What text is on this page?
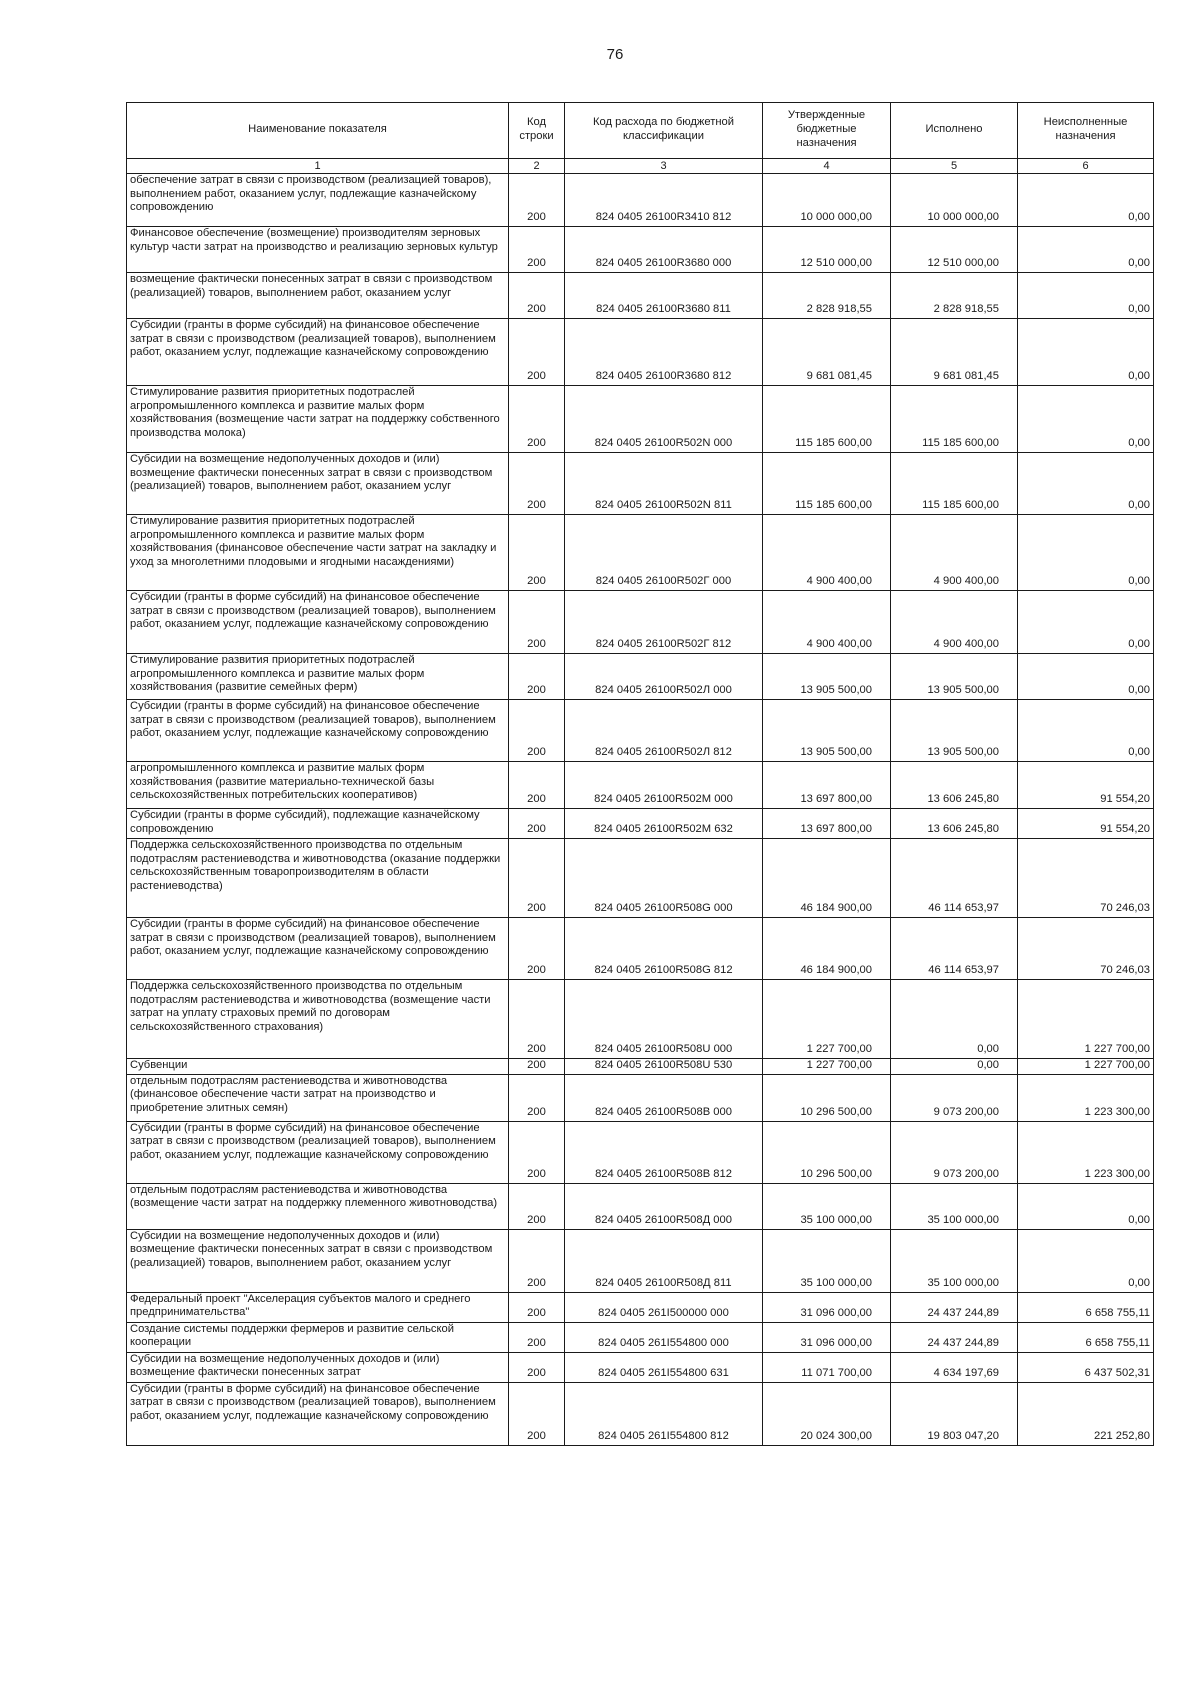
76
Наименование показателя	Код строки	Код расхода по бюджетной классификации	Утвержденные бюджетные назначения	Исполнено	Неисполненные назначения
1	2	3	4	5	6
обеспечение затрат в связи с производством (реализацией товаров), выполнением работ, оказанием услуг, подлежащие казначейскому сопровождению	200	824 0405 26100R3410 812	10 000 000,00	10 000 000,00	0,00
Финансовое обеспечение (возмещение) производителям зерновых культур части затрат на производство и реализацию зерновых культур	200	824 0405 26100R3680 000	12 510 000,00	12 510 000,00	0,00
возмещение фактически понесенных затрат в связи с производством (реализацией) товаров, выполнением работ, оказанием услуг	200	824 0405 26100R3680 811	2 828 918,55	2 828 918,55	0,00
Субсидии (гранты в форме субсидий) на финансовое обеспечение затрат в связи с производством (реализацией товаров), выполнением работ, оказанием услуг, подлежащие казначейскому сопровождению	200	824 0405 26100R3680 812	9 681 081,45	9 681 081,45	0,00
Стимулирование развития приоритетных подотраслей агропромышленного комплекса и развитие малых форм хозяйствования (возмещение части затрат на поддержку собственного производства молока)	200	824 0405 26100R502N 000	115 185 600,00	115 185 600,00	0,00
Субсидии на возмещение недополученных доходов и (или) возмещение фактически понесенных затрат в связи с производством (реализацией) товаров, выполнением работ, оказанием услуг	200	824 0405 26100R502N 811	115 185 600,00	115 185 600,00	0,00
Стимулирование развития приоритетных подотраслей агропромышленного комплекса и развитие малых форм хозяйствования (финансовое обеспечение части затрат на закладку и уход за многолетними плодовыми и ягодными насаждениями)	200	824 0405 26100R502Г 000	4 900 400,00	4 900 400,00	0,00
Субсидии (гранты в форме субсидий) на финансовое обеспечение затрат в связи с производством (реализацией товаров), выполнением работ, оказанием услуг, подлежащие казначейскому сопровождению	200	824 0405 26100R502Г 812	4 900 400,00	4 900 400,00	0,00
Стимулирование развития приоритетных подотраслей агропромышленного комплекса и развитие малых форм хозяйствования (развитие семейных ферм)	200	824 0405 26100R502Л 000	13 905 500,00	13 905 500,00	0,00
Субсидии (гранты в форме субсидий) на финансовое обеспечение затрат в связи с производством (реализацией товаров), выполнением работ, оказанием услуг, подлежащие казначейскому сопровождению	200	824 0405 26100R502Л 812	13 905 500,00	13 905 500,00	0,00
агропромышленного комплекса и развитие малых форм хозяйствования (развитие материально-технической базы сельскохозяйственных потребительских кооперативов)	200	824 0405 26100R502M 000	13 697 800,00	13 606 245,80	91 554,20
Субсидии (гранты в форме субсидий), подлежащие казначейскому сопровождению	200	824 0405 26100R502M 632	13 697 800,00	13 606 245,80	91 554,20
Поддержка сельскохозяйственного производства по отдельным подотраслям растениеводства и животноводства (оказание поддержки сельскохозяйственным товаропроизводителям в области растениеводства)	200	824 0405 26100R508G 000	46 184 900,00	46 114 653,97	70 246,03
Субсидии (гранты в форме субсидий) на финансовое обеспечение затрат в связи с производством (реализацией товаров), выполнением работ, оказанием услуг, подлежащие казначейскому сопровождению	200	824 0405 26100R508G 812	46 184 900,00	46 114 653,97	70 246,03
Поддержка сельскохозяйственного производства по отдельным подотраслям растениеводства и животноводства (возмещение части затрат на уплату страховых премий по договорам сельскохозяйственного страхования)	200	824 0405 26100R508U 000	1 227 700,00	0,00	1 227 700,00
Субвенции	200	824 0405 26100R508U 530	1 227 700,00	0,00	1 227 700,00
отдельным подотраслям растениеводства и животноводства (финансовое обеспечение части затрат на производство и приобретение элитных семян)	200	824 0405 26100R508B 000	10 296 500,00	9 073 200,00	1 223 300,00
Субсидии (гранты в форме субсидий) на финансовое обеспечение затрат в связи с производством (реализацией товаров), выполнением работ, оказанием услуг, подлежащие казначейскому сопровождению	200	824 0405 26100R508B 812	10 296 500,00	9 073 200,00	1 223 300,00
отдельным подотраслям растениеводства и животноводства (возмещение части затрат на поддержку племенного животноводства)	200	824 0405 26100R508Д 000	35 100 000,00	35 100 000,00	0,00
Субсидии на возмещение недополученных доходов и (или) возмещение фактически понесенных затрат в связи с производством (реализацией) товаров, выполнением работ, оказанием услуг	200	824 0405 26100R508Д 811	35 100 000,00	35 100 000,00	0,00
Федеральный проект "Акселерация субъектов малого и среднего предпринимательства"	200	824 0405 261I500000 000	31 096 000,00	24 437 244,89	6 658 755,11
Создание системы поддержки фермеров и развитие сельской кооперации	200	824 0405 261I554800 000	31 096 000,00	24 437 244,89	6 658 755,11
Субсидии на возмещение недополученных доходов и (или) возмещение фактически понесенных затрат	200	824 0405 261I554800 631	11 071 700,00	4 634 197,69	6 437 502,31
Субсидии (гранты в форме субсидий) на финансовое обеспечение затрат в связи с производством (реализацией товаров), выполнением работ, оказанием услуг, подлежащие казначейскому сопровождению	200	824 0405 261I554800 812	20 024 300,00	19 803 047,20	221 252,80
